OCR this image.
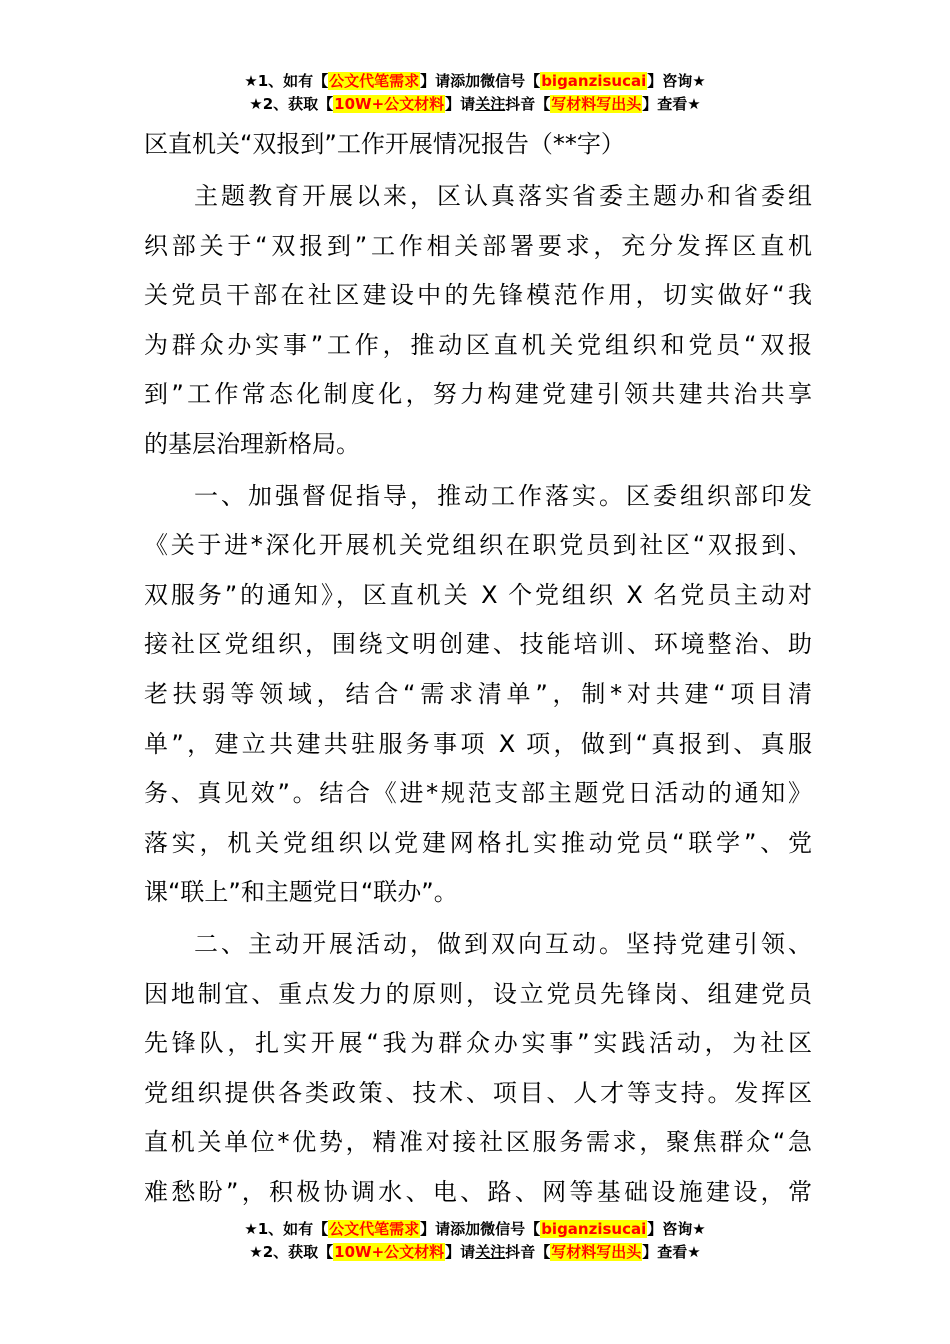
★1、如有【公文代笔需求】请添加微信号【biganzisucai】咨询★
★2、获取【10W+公文材料】请关注抖音【写材料写出头】查看★
区直机关“双报到”工作开展情况报告（**字）
主题教育开展以来，区认真落实省委主题办和省委组
织部关于“双报到”工作相关部署要求，充分发挥区直机
关党员干部在社区建设中的先锋模范作用，切实做好“我
为群众办实事”工作，推动区直机关党组织和党员“双报
到”工作常态化制度化，努力构建党建引领共建共治共享
的基层治理新格局。
一、加强督促指导，推动工作落实。区委组织部印发
《关于进*深化开展机关党组织在职党员到社区“双报到、
双服务”的通知》，区直机关 X 个党组织 X 名党员主动对
接社区党组织，围绕文明创建、技能培训、环境整治、助
老扶弱等领域，结合“需求清单”，制*对共建“项目清
单”，建立共建共驻服务事项 X 项，做到“真报到、真服
务、真见效”。结合《进*规范支部主题党日活动的通知》
落实，机关党组织以党建网格扎实推动党员“联学”、党
课“联上”和主题党日“联办”。
二、主动开展活动，做到双向互动。坚持党建引领、
因地制宜、重点发力的原则，设立党员先锋岗、组建党员
先锋队，扎实开展“我为群众办实事”实践活动，为社区
党组织提供各类政策、技术、项目、人才等支持。发挥区
直机关单位*优势，精准对接社区服务需求，聚焦群众“急
难愁盼”，积极协调水、电、路、网等基础设施建设，常
★1、如有【公文代笔需求】请添加微信号【biganzisucai】咨询★
★2、获取【10W+公文材料】请关注抖音【写材料写出头】查看★
